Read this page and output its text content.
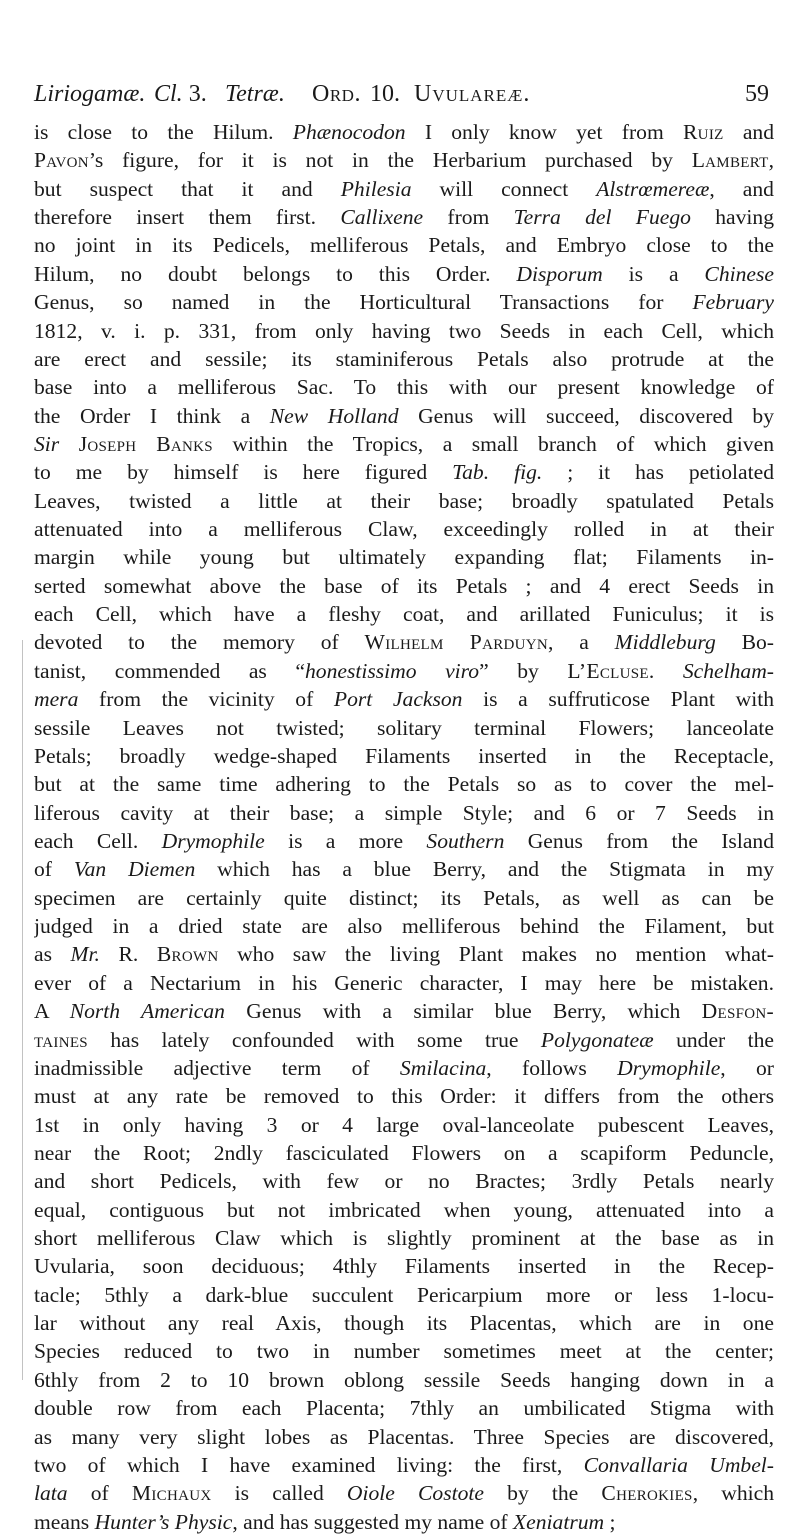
Liriogamæ. Cl. 3. Tetræ. Ord. 10. Uvulareæ.	59
is close to the Hilum. Phænocodon I only know yet from Ruiz and
Pavon’s figure, for it is not in the Herbarium purchased by Lambert,
but suspect that it and Philesia will connect Alstrœmereæ, and
therefore insert them first. Callixene from Terra del Fuego having
no joint in its Pedicels, melliferous Petals, and Embryo close to the
Hilum, no doubt belongs to this Order. Disporum is a Chinese
Genus, so named in the Horticultural Transactions for February
1812, v. i. p. 331, from only having two Seeds in each Cell, which
are erect and sessile; its staminiferous Petals also protrude at the
base into a melliferous Sac. To this with our present knowledge of
the Order I think a New Holland Genus will succeed, discovered by
Sir Joseph Banks within the Tropics, a small branch of which given
to me by himself is here figured Tab. fig. ; it has petiolated
Leaves, twisted a little at their base; broadly spatulated Petals
attenuated into a melliferous Claw, exceedingly rolled in at their
margin while young but ultimately expanding flat; Filaments in-
serted somewhat above the base of its Petals ; and 4 erect Seeds in
each Cell, which have a fleshy coat, and arillated Funiculus; it is
devoted to the memory of Wilhelm Parduyn, a Middleburg Bo-
tanist, commended as “honestissimo viro” by L’Ecluse. Schelham-
mera from the vicinity of Port Jackson is a suffruticose Plant with
sessile Leaves not twisted; solitary terminal Flowers; lanceolate
Petals; broadly wedge-shaped Filaments inserted in the Receptacle,
but at the same time adhering to the Petals so as to cover the mel-
liferous cavity at their base; a simple Style; and 6 or 7 Seeds in
each Cell. Drymophile is a more Southern Genus from the Island
of Van Diemen which has a blue Berry, and the Stigmata in my
specimen are certainly quite distinct; its Petals, as well as can be
judged in a dried state are also melliferous behind the Filament, but
as Mr. R. Brown who saw the living Plant makes no mention what-
ever of a Nectarium in his Generic character, I may here be mistaken.
A North American Genus with a similar blue Berry, which Desfon-
taines has lately confounded with some true Polygonateæ under the
inadmissible adjective term of Smilacina, follows Drymophile, or
must at any rate be removed to this Order: it differs from the others
1st in only having 3 or 4 large oval-lanceolate pubescent Leaves,
near the Root; 2ndly fasciculated Flowers on a scapiform Peduncle,
and short Pedicels, with few or no Bractes; 3rdly Petals nearly
equal, contiguous but not imbricated when young, attenuated into a
short melliferous Claw which is slightly prominent at the base as in
Uvularia, soon deciduous; 4thly Filaments inserted in the Recep-
tacle; 5thly a dark-blue succulent Pericarpium more or less 1-locu-
lar without any real Axis, though its Placentas, which are in one
Species reduced to two in number sometimes meet at the center;
6thly from 2 to 10 brown oblong sessile Seeds hanging down in a
double row from each Placenta; 7thly an umbilicated Stigma with
as many very slight lobes as Placentas. Three Species are discovered,
two of which I have examined living: the first, Convallaria Umbel-
lata of Michaux is called Oiole Costote by the Cherokies, which
means Hunter’s Physic, and has suggested my name of Xeniatrum ;
